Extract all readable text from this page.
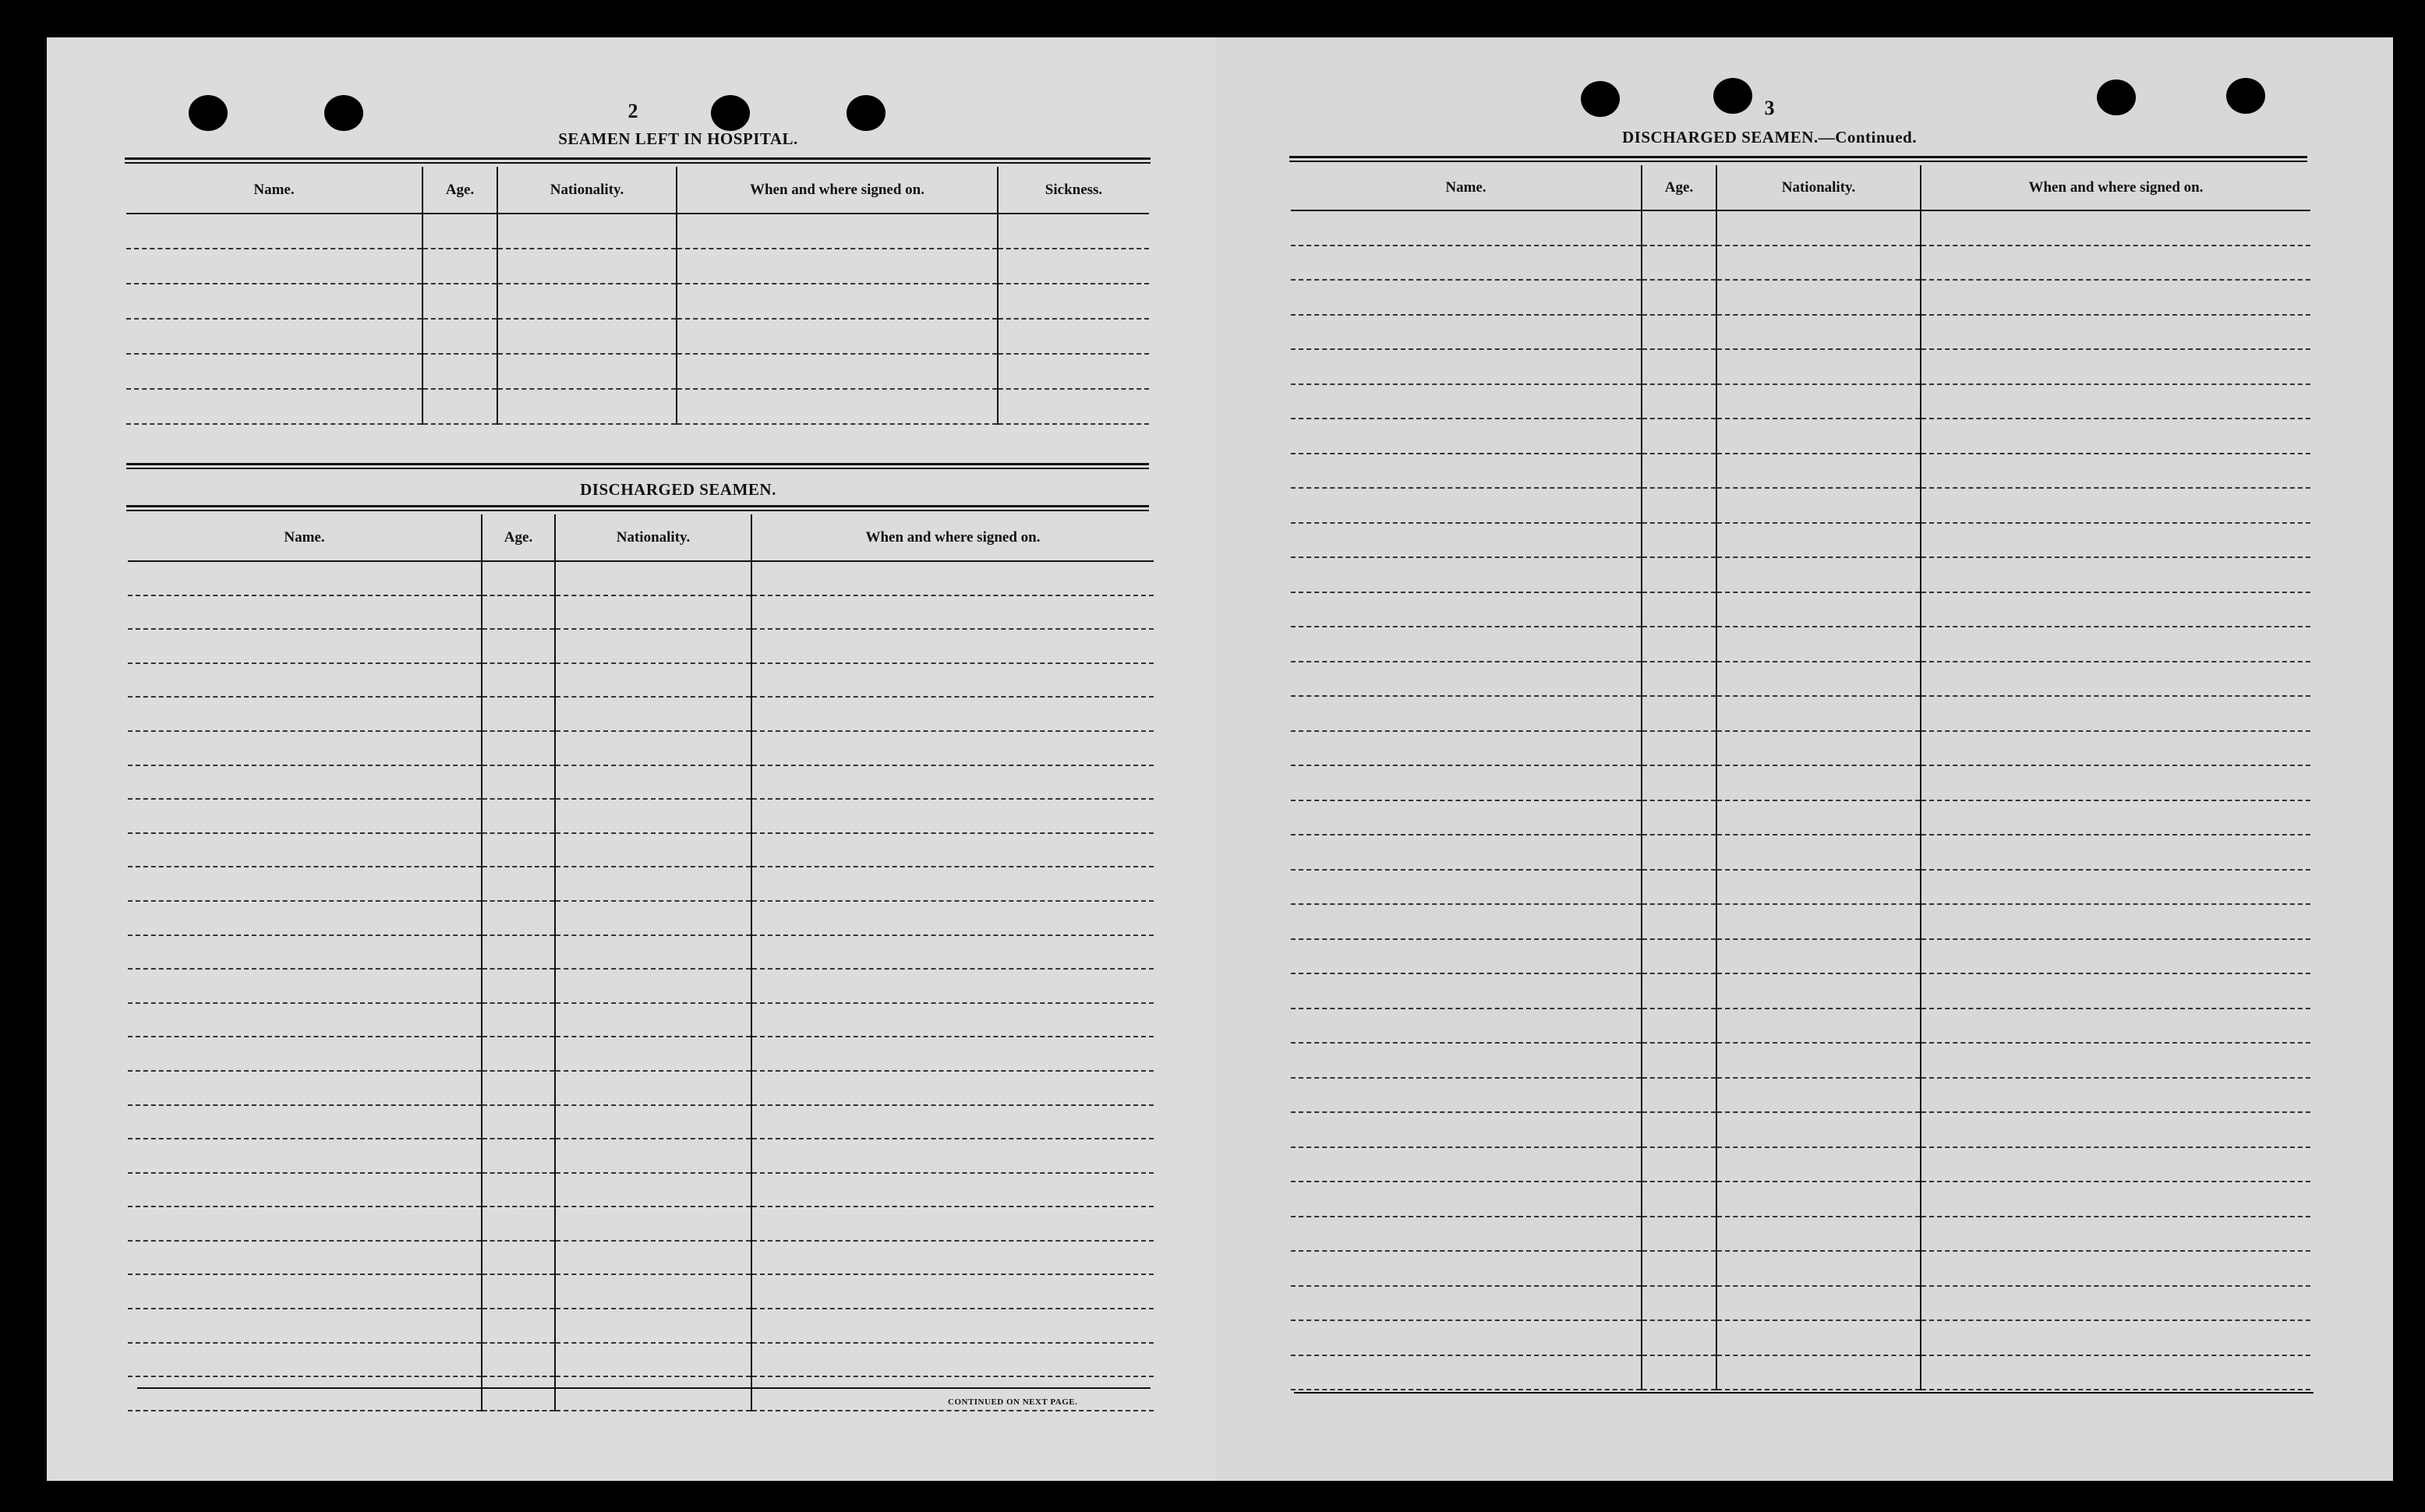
2
SEAMEN LEFT IN HOSPITAL.
Name.	Age.	Nationality.	When and where signed on.	Sickness.

DISCHARGED SEAMEN.
Name.	Age.	Nationality.	When and where signed on.

CONTINUED ON NEXT PAGE.
3
DISCHARGED SEAMEN.—Continued.
Name.	Age.	Nationality.	When and where signed on.
